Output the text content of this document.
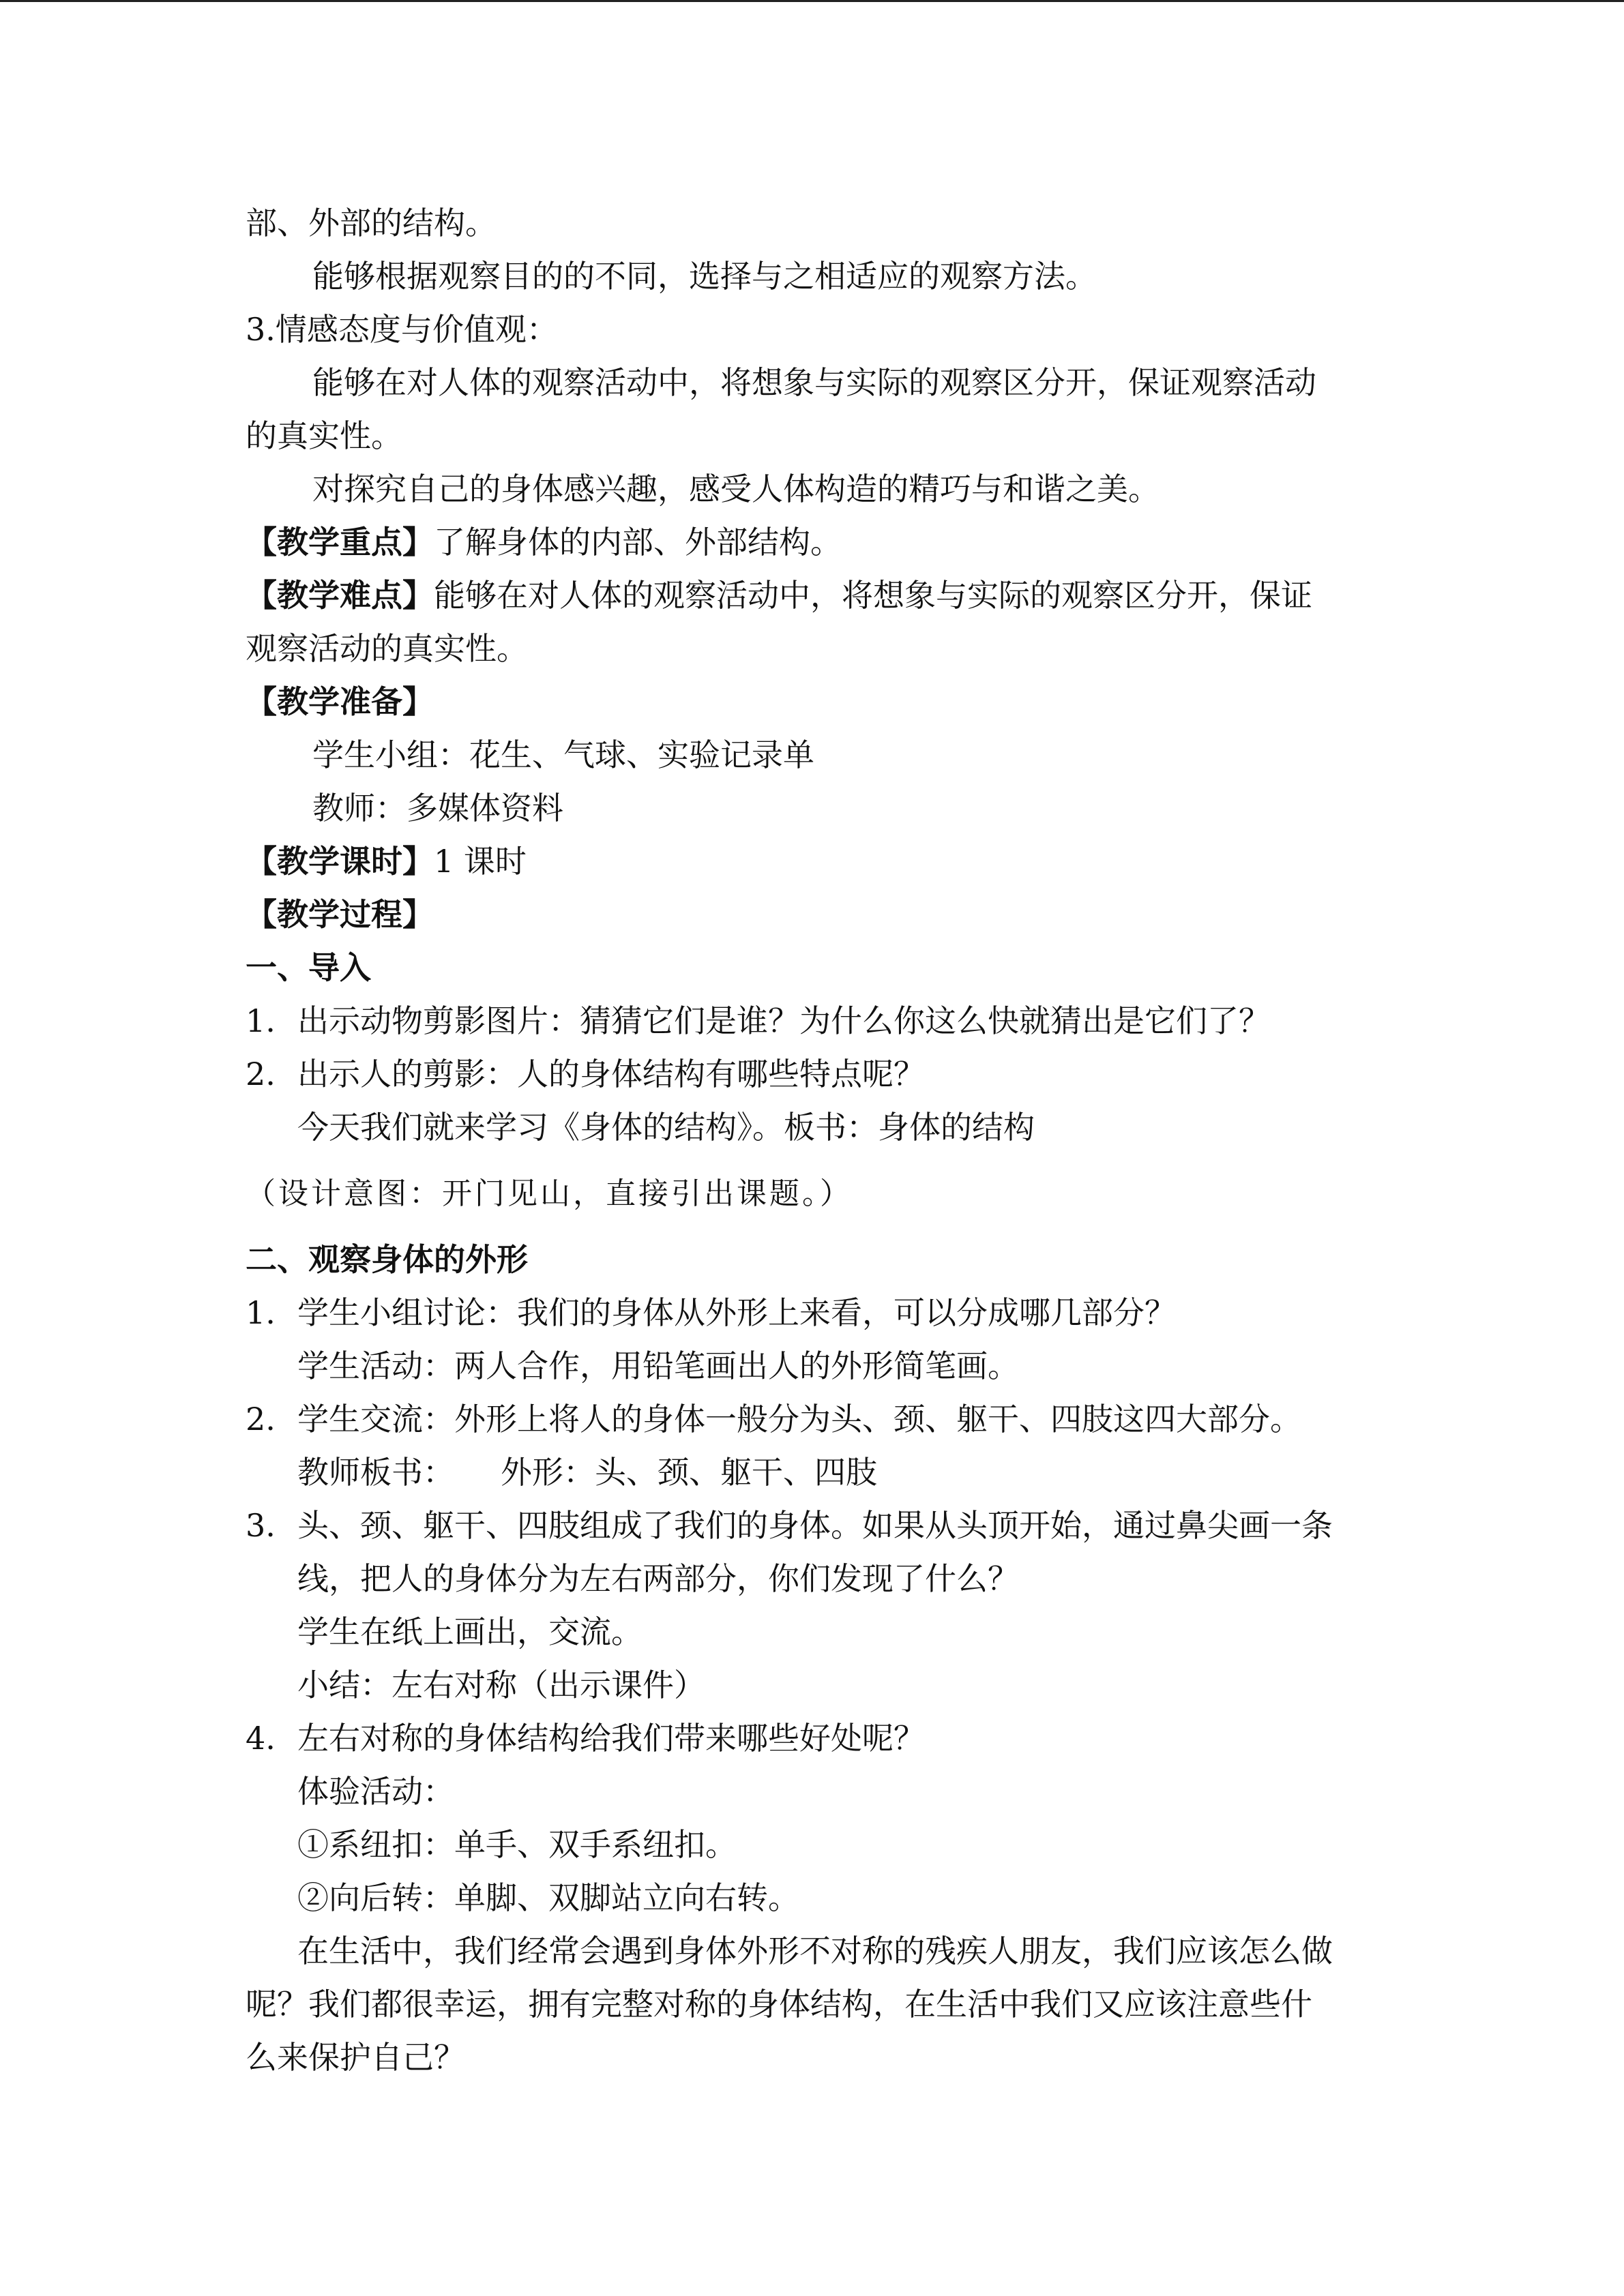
部、外部的结构。
能够根据观察目的的不同，选择与之相适应的观察方法。
3.情感态度与价值观：
能够在对人体的观察活动中，将想象与实际的观察区分开，保证观察活动
的真实性。
对探究自己的身体感兴趣，感受人体构造的精巧与和谐之美。
【教学重点】了解身体的内部、外部结构。
【教学难点】能够在对人体的观察活动中，将想象与实际的观察区分开，保证
观察活动的真实性。
【教学准备】
学生小组：花生、气球、实验记录单
教师：多媒体资料
【教学课时】1 课时
【教学过程】
一、导入
1. 出示动物剪影图片：猜猜它们是谁？为什么你这么快就猜出是它们了？
2. 出示人的剪影：人的身体结构有哪些特点呢？
今天我们就来学习《身体的结构》。板书：身体的结构
（设计意图：开门见山，直接引出课题。）
二、观察身体的外形
1. 学生小组讨论：我们的身体从外形上来看，可以分成哪几部分？
学生活动：两人合作，用铅笔画出人的外形简笔画。
2. 学生交流：外形上将人的身体一般分为头、颈、躯干、四肢这四大部分。
教师板书： 外形：头、颈、躯干、四肢
3. 头、颈、躯干、四肢组成了我们的身体。如果从头顶开始，通过鼻尖画一条
线，把人的身体分为左右两部分，你们发现了什么？
学生在纸上画出，交流。
小结：左右对称（出示课件）
4. 左右对称的身体结构给我们带来哪些好处呢？
体验活动：
①系纽扣：单手、双手系纽扣。
②向后转：单脚、双脚站立向右转。
在生活中，我们经常会遇到身体外形不对称的残疾人朋友，我们应该怎么做
呢？我们都很幸运，拥有完整对称的身体结构，在生活中我们又应该注意些什
么来保护自己？
